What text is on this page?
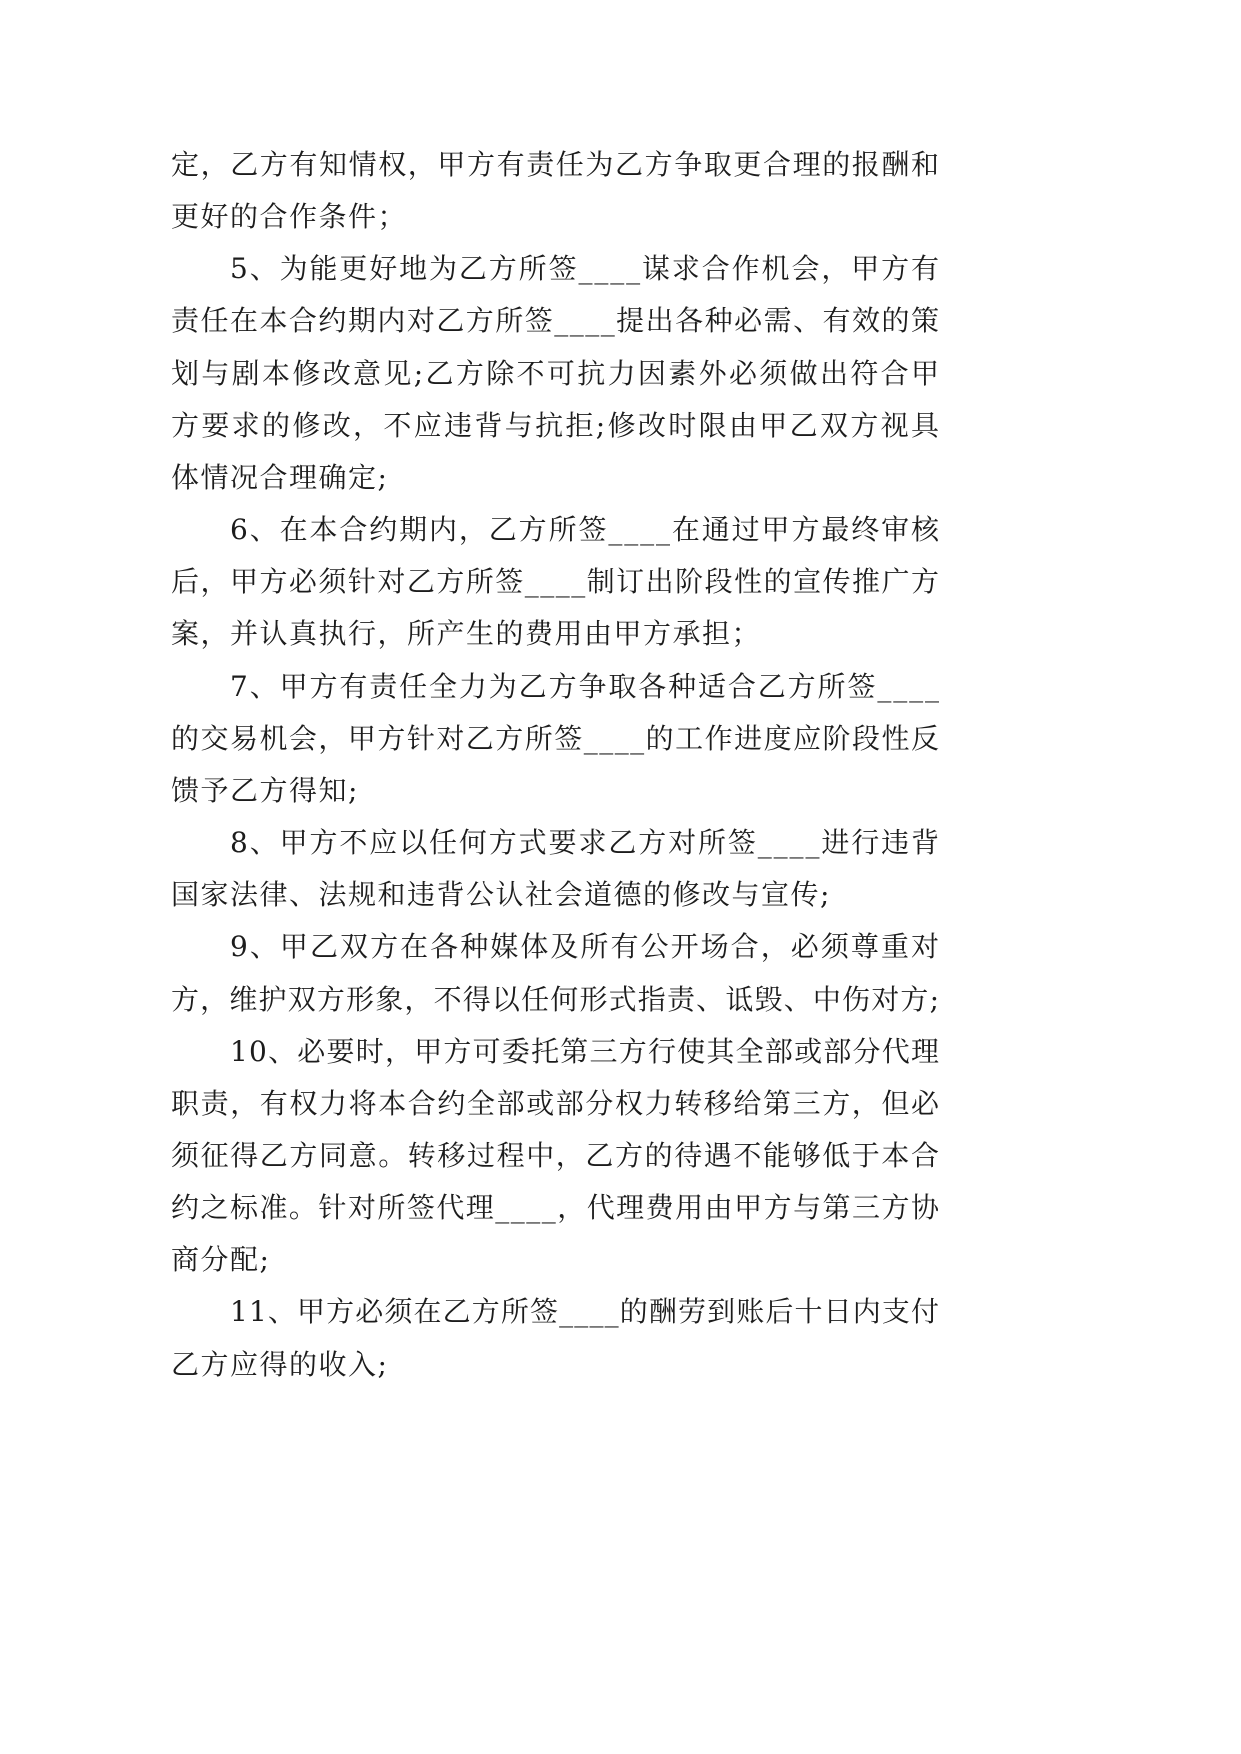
定，乙方有知情权，甲方有责任为乙方争取更合理的报酬和
更好的合作条件；
5、为能更好地为乙方所签____谋求合作机会，甲方有
责任在本合约期内对乙方所签____提出各种必需、有效的策
划与剧本修改意见;乙方除不可抗力因素外必须做出符合甲
方要求的修改，不应违背与抗拒;修改时限由甲乙双方视具
体情况合理确定;
6、在本合约期内，乙方所签____在通过甲方最终审核
后，甲方必须针对乙方所签____制订出阶段性的宣传推广方
案，并认真执行，所产生的费用由甲方承担；
7、甲方有责任全力为乙方争取各种适合乙方所签____
的交易机会，甲方针对乙方所签____的工作进度应阶段性反
馈予乙方得知;
8、甲方不应以任何方式要求乙方对所签____进行违背
国家法律、法规和违背公认社会道德的修改与宣传;
9、甲乙双方在各种媒体及所有公开场合，必须尊重对
方，维护双方形象，不得以任何形式指责、诋毁、中伤对方;
10、必要时，甲方可委托第三方行使其全部或部分代理
职责，有权力将本合约全部或部分权力转移给第三方，但必
须征得乙方同意。转移过程中，乙方的待遇不能够低于本合
约之标准。针对所签代理____，代理费用由甲方与第三方协
商分配;
11、甲方必须在乙方所签____的酬劳到账后十日内支付
乙方应得的收入;
